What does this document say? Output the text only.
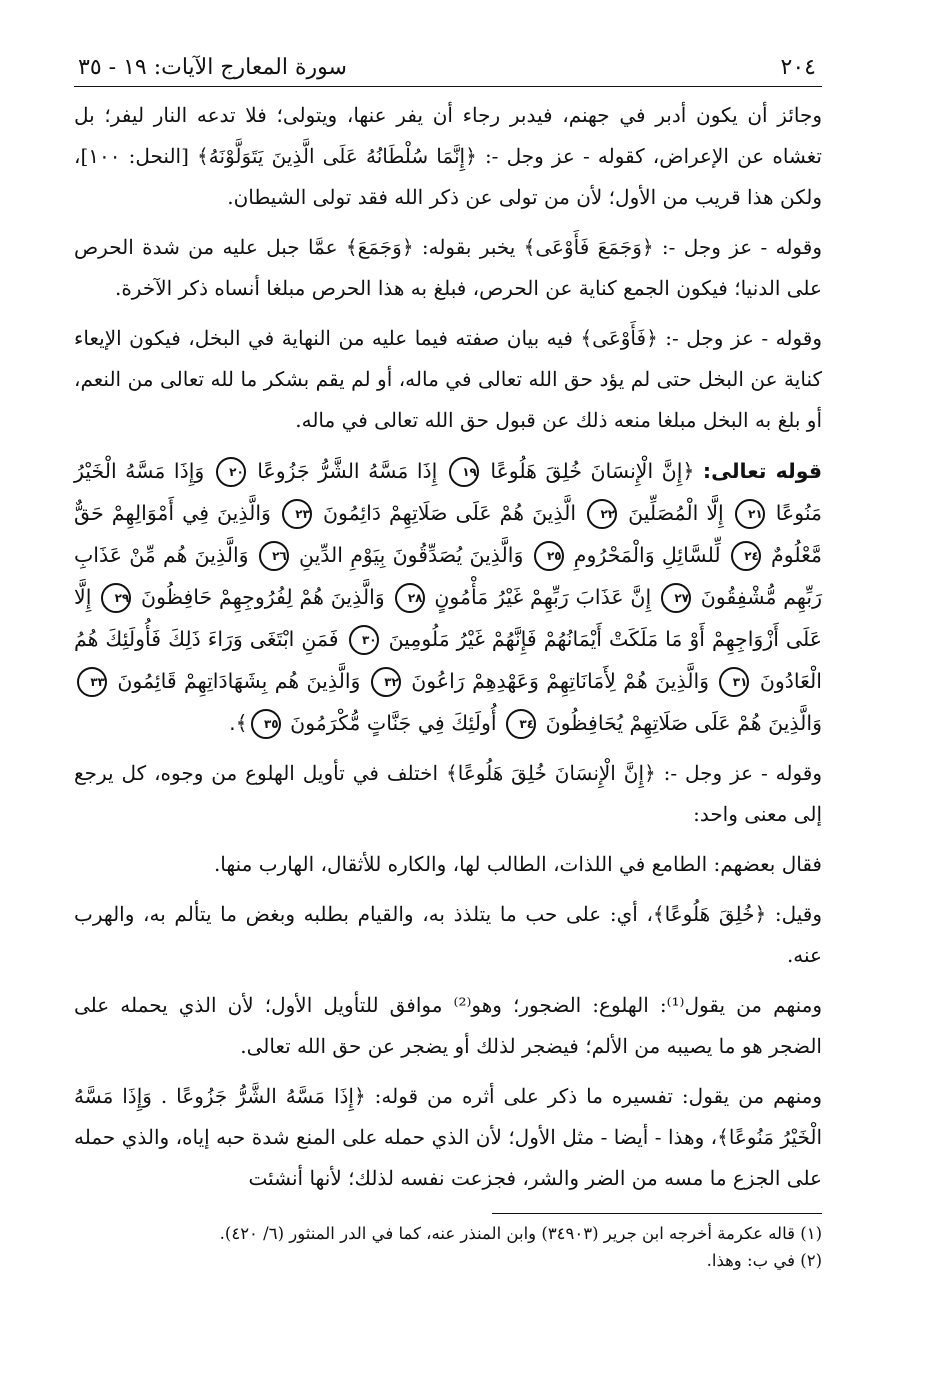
٢٠٤
سورة المعارج الآيات: ١٩ - ٣٥

وجائز أن يكون أدبر في جهنم، فيدبر رجاء أن يفر عنها، ويتولى؛ فلا تدعه النار ليفر؛ بل تغشاه عن الإعراض، كقوله - عز وجل -: ﴿إِنَّمَا سُلْطَانُهُ عَلَى الَّذِينَ يَتَوَلَّوْنَهُ﴾ [النحل: ١٠٠]، ولكن هذا قريب من الأول؛ لأن من تولى عن ذكر الله فقد تولى الشيطان.

وقوله - عز وجل -: ﴿وَجَمَعَ فَأَوْعَى﴾ يخبر بقوله: ﴿وَجَمَعَ﴾ عمَّا جبل عليه من شدة الحرص على الدنيا؛ فيكون الجمع كناية عن الحرص، فبلغ به هذا الحرص مبلغا أنساه ذكر الآخرة.

وقوله - عز وجل -: ﴿فَأَوْعَى﴾ فيه بيان صفته فيما عليه من النهاية في البخل، فيكون الإيعاء كناية عن البخل حتى لم يؤد حق الله تعالى في ماله، أو لم يقم بشكر ما لله تعالى من النعم، أو بلغ به البخل مبلغا منعه ذلك عن قبول حق الله تعالى في ماله.

قوله تعالى: ﴿إِنَّ الْإِنسَانَ خُلِقَ هَلُوعًا ١٩ إِذَا مَسَّهُ الشَّرُّ جَزُوعًا ٢٠ وَإِذَا مَسَّهُ الْخَيْرُ مَنُوعًا ٢١ إِلَّا الْمُصَلِّينَ ٢٢ الَّذِينَ هُمْ عَلَى صَلَاتِهِمْ دَائِمُونَ ٢٣ وَالَّذِينَ فِي أَمْوَالِهِمْ حَقٌّ مَّعْلُومٌ ٢٤ لِّلسَّائِلِ وَالْمَحْرُومِ ٢٥ وَالَّذِينَ يُصَدِّقُونَ بِيَوْمِ الدِّينِ ٢٦ وَالَّذِينَ هُم مِّنْ عَذَابِ رَبِّهِم مُّشْفِقُونَ ٢٧ إِنَّ عَذَابَ رَبِّهِمْ غَيْرُ مَأْمُونٍ ٢٨ وَالَّذِينَ هُمْ لِفُرُوجِهِمْ حَافِظُونَ ٢٩ إِلَّا عَلَى أَزْوَاجِهِمْ أَوْ مَا مَلَكَتْ أَيْمَانُهُمْ فَإِنَّهُمْ غَيْرُ مَلُومِينَ ٣٠ فَمَنِ ابْتَغَى وَرَاءَ ذَلِكَ فَأُولَئِكَ هُمُ الْعَادُونَ ٣١ وَالَّذِينَ هُمْ لِأَمَانَاتِهِمْ وَعَهْدِهِمْ رَاعُونَ ٣٢ وَالَّذِينَ هُم بِشَهَادَاتِهِمْ قَائِمُونَ ٣٣ وَالَّذِينَ هُمْ عَلَى صَلَاتِهِمْ يُحَافِظُونَ ٣٤ أُولَئِكَ فِي جَنَّاتٍ مُّكْرَمُونَ ٣٥﴾.

وقوله - عز وجل -: ﴿إِنَّ الْإِنسَانَ خُلِقَ هَلُوعًا﴾ اختلف في تأويل الهلوع من وجوه، كل يرجع إلى معنى واحد:

فقال بعضهم: الطامع في اللذات، الطالب لها، والكاره للأثقال، الهارب منها.

وقيل: ﴿خُلِقَ هَلُوعًا﴾، أي: على حب ما يتلذذ به، والقيام بطلبه وبغض ما يتألم به، والهرب عنه.

ومنهم من يقول⁽¹⁾: الهلوع: الضجور؛ وهو⁽²⁾ موافق للتأويل الأول؛ لأن الذي يحمله على الضجر هو ما يصيبه من الألم؛ فيضجر لذلك أو يضجر عن حق الله تعالى.

ومنهم من يقول: تفسيره ما ذكر على أثره من قوله: ﴿إِذَا مَسَّهُ الشَّرُّ جَزُوعًا . وَإِذَا مَسَّهُ الْخَيْرُ مَنُوعًا﴾، وهذا - أيضا - مثل الأول؛ لأن الذي حمله على المنع شدة حبه إياه، والذي حمله على الجزع ما مسه من الضر والشر، فجزعت نفسه لذلك؛ لأنها أنشئت

(١) قاله عكرمة أخرجه ابن جرير (٣٤٩٠٣) وابن المنذر عنه، كما في الدر المنثور (٦/ ٤٢٠).

(٢) في ب: وهذا.
